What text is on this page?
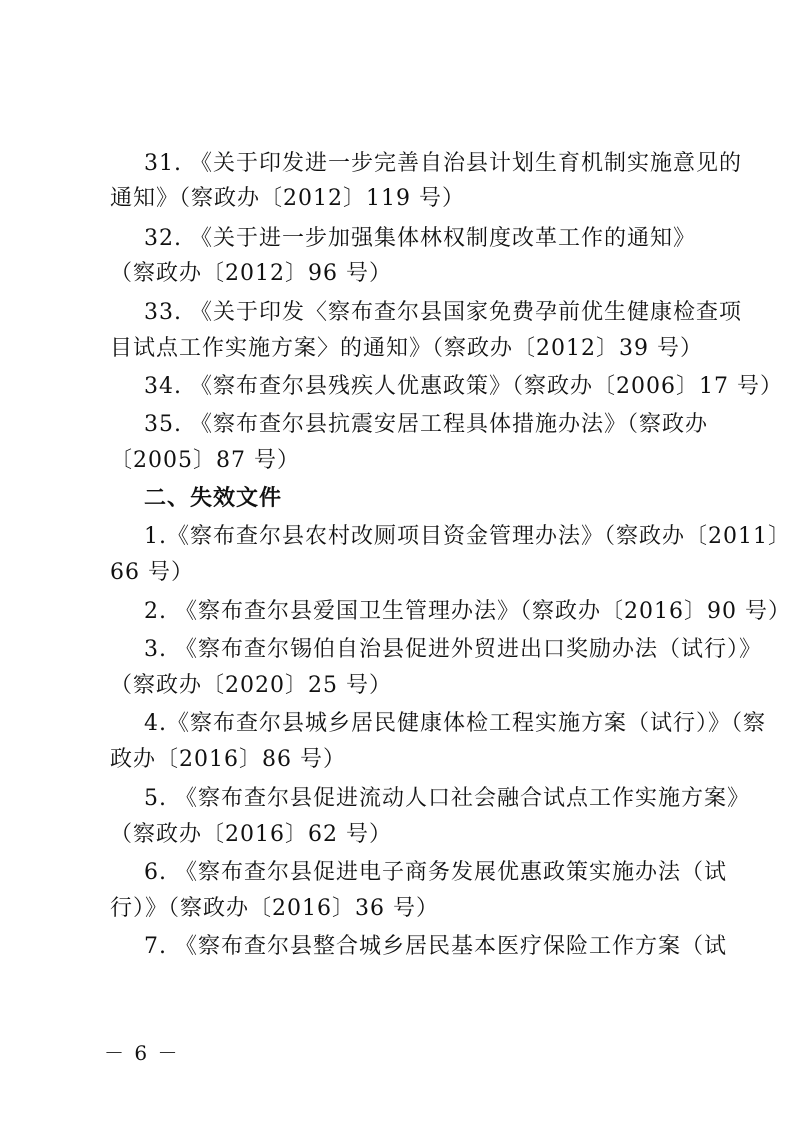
31. 《关于印发进一步完善自治县计划生育机制实施意见的
通知》（察政办〔2012〕119 号）
32. 《关于进一步加强集体林权制度改革工作的通知》
（察政办〔2012〕96 号）
33. 《关于印发〈察布查尔县国家免费孕前优生健康检查项
目试点工作实施方案〉的通知》（察政办〔2012〕39 号）
34. 《察布查尔县残疾人优惠政策》（察政办〔2006〕17 号）
35. 《察布查尔县抗震安居工程具体措施办法》（察政办
〔2005〕87 号）
二、失效文件
1.《察布查尔县农村改厕项目资金管理办法》（察政办〔2011〕
66 号）
2. 《察布查尔县爱国卫生管理办法》（察政办〔2016〕90 号）
3. 《察布查尔锡伯自治县促进外贸进出口奖励办法（试行）》
（察政办〔2020〕25 号）
4.《察布查尔县城乡居民健康体检工程实施方案（试行）》（察
政办〔2016〕86 号）
5. 《察布查尔县促进流动人口社会融合试点工作实施方案》
（察政办〔2016〕62 号）
6. 《察布查尔县促进电子商务发展优惠政策实施办法（试
行）》（察政办〔2016〕36 号）
7. 《察布查尔县整合城乡居民基本医疗保险工作方案（试
－ 6 －
